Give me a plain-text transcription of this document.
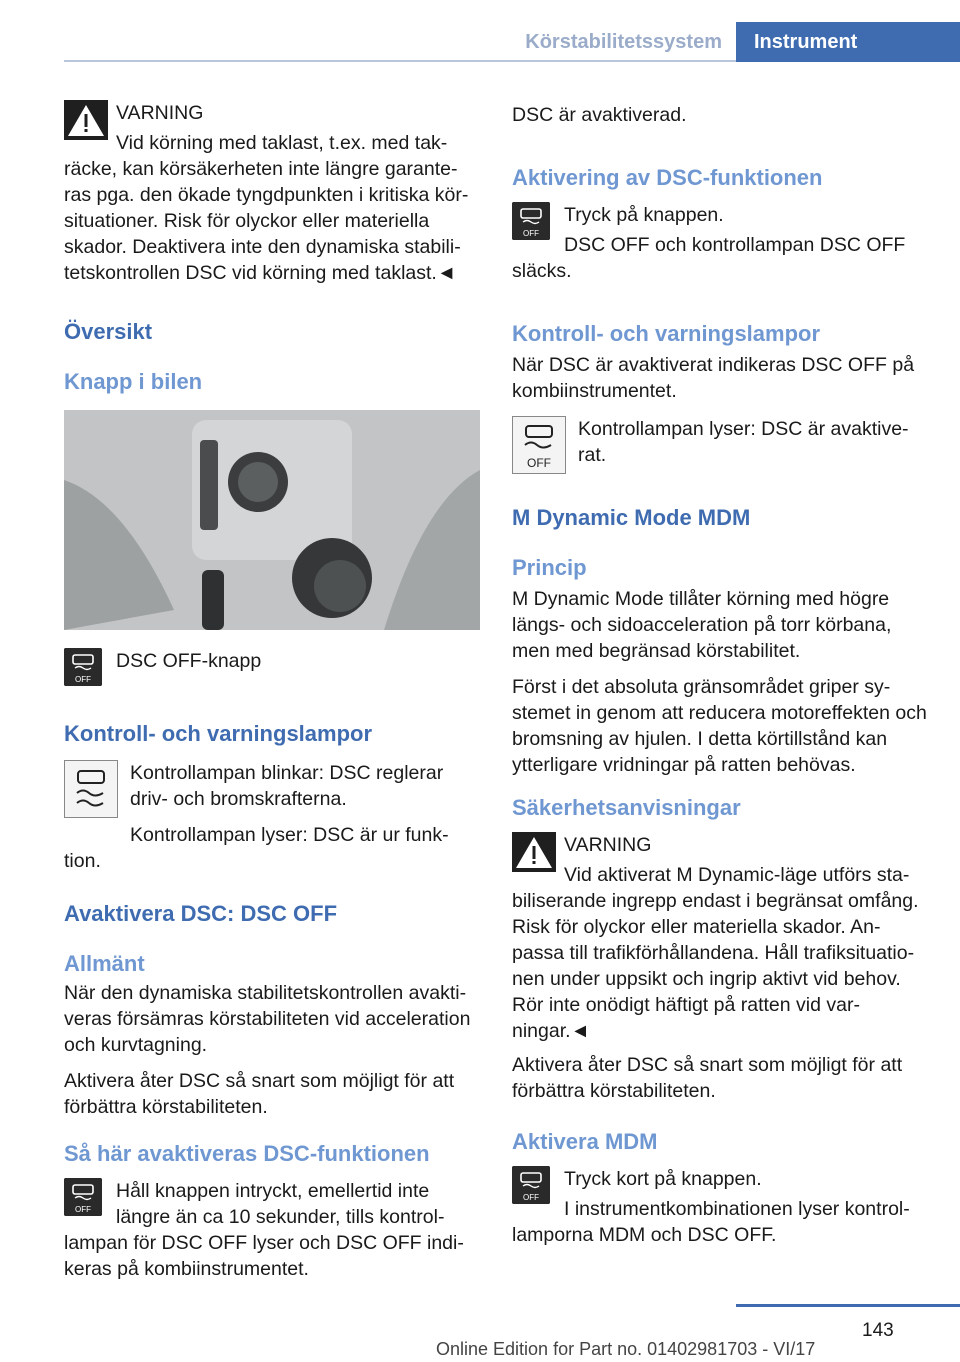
Körstabilitetssystem Instrument

VARNING

Vid körning med taklast, t.ex. med tak-

räcke, kan körsäkerheten inte längre garante-ras pga. den ökade tyngdpunkten i kritiska kör-situationer. Risk för olyckor eller materiella skador. Deaktivera inte den dynamiska stabili-tetskontrollen DSC vid körning med taklast.◄

Översikt

Knapp i bilen

OFF

DSC OFF-knapp

Kontroll- och varningslampor

Kontrollampan blinkar: DSC reglerar driv- och bromskrafterna.

Kontrollampan lyser: DSC är ur funk-

tion.

Avaktivera DSC: DSC OFF

Allmänt

När den dynamiska stabilitetskontrollen avakti-veras försämras körstabiliteten vid acceleration och kurvtagning.

Aktivera åter DSC så snart som möjligt för att förbättra körstabiliteten.

Så här avaktiveras DSC-funktionen

OFF

Håll knappen intryckt, emellertid inte

längre än ca 10 sekunder, tills kontrol-

lampan för DSC OFF lyser och DSC OFF indi-keras på kombiinstrumentet.

DSC är avaktiverad.

Aktivering av DSC-funktionen

OFF

Tryck på knappen.

DSC OFF och kontrollampan DSC OFF

släcks.

Kontroll- och varningslampor

När DSC är avaktiverat indikeras DSC OFF på kombiinstrumentet.

OFF

Kontrollampan lyser: DSC är avaktive-rat.

M Dynamic Mode MDM

Princip

M Dynamic Mode tillåter körning med högre längs- och sidoacceleration på torr körbana, men med begränsad körstabilitet.

Först i det absoluta gränsområdet griper sy-stemet in genom att reducera motoreffekten och bromsning av hjulen. I detta körtillstånd kan ytterligare vridningar på ratten behövas.

Säkerhetsanvisningar

VARNING

Vid aktiverat M Dynamic-läge utförs sta-

biliserande ingrepp endast i begränsat omfång. Risk för olyckor eller materiella skador. An-passa till trafikförhållandena. Håll trafiksituatio-nen under uppsikt och ingrip aktivt vid behov. Rör inte onödigt häftigt på ratten vid var-ningar.◄

Aktivera åter DSC så snart som möjligt för att förbättra körstabiliteten.

Aktivera MDM

OFF

Tryck kort på knappen.

I instrumentkombinationen lyser kontrol-

lamporna MDM och DSC OFF.

143
Online Edition for Part no. 01402981703 - VI/17
